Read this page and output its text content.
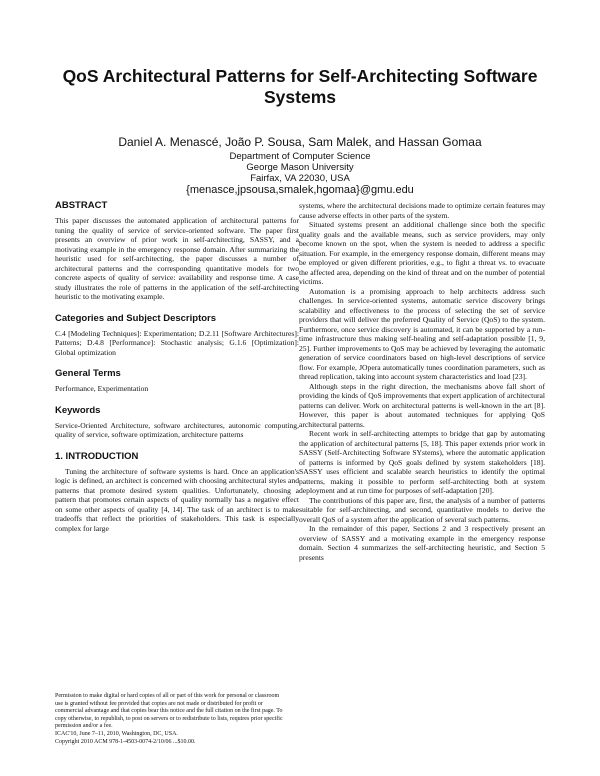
QoS Architectural Patterns for Self-Architecting Software Systems
Daniel A. Menascé, João P. Sousa, Sam Malek, and Hassan Gomaa
Department of Computer Science
George Mason University
Fairfax, VA 22030, USA
{menasce,jpsousa,smalek,hgomaa}@gmu.edu
ABSTRACT

This paper discusses the automated application of architectural patterns for tuning the quality of service of service-oriented software. The paper first presents an overview of prior work in self-architecting, SASSY, and a motivating example in the emergency response domain. After summarizing the heuristic used for self-architecting, the paper discusses a number of architectural patterns and the corresponding quantitative models for two concrete aspects of quality of service: availability and response time. A case study illustrates the role of patterns in the application of the self-architecting heuristic to the motivating example.

Categories and Subject Descriptors

C.4 [Modeling Techniques]: Experimentation; D.2.11 [Software Architectures]: Patterns; D.4.8 [Performance]: Stochastic analysis; G.1.6 [Optimization]: Global optimization

General Terms

Performance, Experimentation

Keywords

Service-Oriented Architecture, software architectures, autonomic computing, quality of service, software optimization, architecture patterns

1. INTRODUCTION

Tuning the architecture of software systems is hard. Once an application's logic is defined, an architect is concerned with choosing architectural styles and patterns that promote desired system qualities. Unfortunately, choosing a pattern that promotes certain aspects of quality normally has a negative effect on some other aspects of quality [4, 14]. The task of an architect is to make tradeoffs that reflect the priorities of stakeholders. This task is especially complex for large

systems, where the architectural decisions made to optimize certain features may cause adverse effects in other parts of the system.

Situated systems present an additional challenge since both the specific quality goals and the available means, such as service providers, may only become known on the spot, when the system is needed to address a specific situation. For example, in the emergency response domain, different means may be employed or given different priorities, e.g., to fight a threat vs. to evacuate the affected area, depending on the kind of threat and on the number of potential victims.

Automation is a promising approach to help architects address such challenges. In service-oriented systems, automatic service discovery brings scalability and effectiveness to the process of selecting the set of service providers that will deliver the preferred Quality of Service (QoS) to the system. Furthermore, once service discovery is automated, it can be supported by a run-time infrastructure thus making self-healing and self-adaptation possible [1, 9, 25]. Further improvements to QoS may be achieved by leveraging the automatic generation of service coordinators based on high-level descriptions of service flow. For example, JOpera automatically tunes coordination parameters, such as thread replication, taking into account system characteristics and load [23].

Although steps in the right direction, the mechanisms above fall short of providing the kinds of QoS improvements that expert application of architectural patterns can deliver. Work on architectural patterns is well-known in the art [8]. However, this paper is about automated techniques for applying QoS architectural patterns.

Recent work in self-architecting attempts to bridge that gap by automating the application of architectural patterns [5, 18]. This paper extends prior work in SASSY (Self-Architecting Software SYstems), where the automatic application of patterns is informed by QoS goals defined by system stakeholders [18]. SASSY uses efficient and scalable search heuristics to identify the optimal patterns, making it possible to perform self-architecting both at system deployment and at run time for purposes of self-adaptation [20].

The contributions of this paper are, first, the analysis of a number of patterns suitable for self-architecting, and second, quantitative models to derive the overall QoS of a system after the application of several such patterns.

In the remainder of this paper, Sections 2 and 3 respectively present an overview of SASSY and a motivating example in the emergency response domain. Section 4 summarizes the self-architecting heuristic, and Section 5 presents

Permission to make digital or hard copies of all or part of this work for personal or classroom use is granted without fee provided that copies are not made or distributed for profit or commercial advantage and that copies bear this notice and the full citation on the first page. To copy otherwise, to republish, to post on servers or to redistribute to lists, requires prior specific permission and/or a fee.

ICAC'10, June 7–11, 2010, Washington, DC, USA.

Copyright 2010 ACM 978-1-4503-0074-2/10/06 ...$10.00.
